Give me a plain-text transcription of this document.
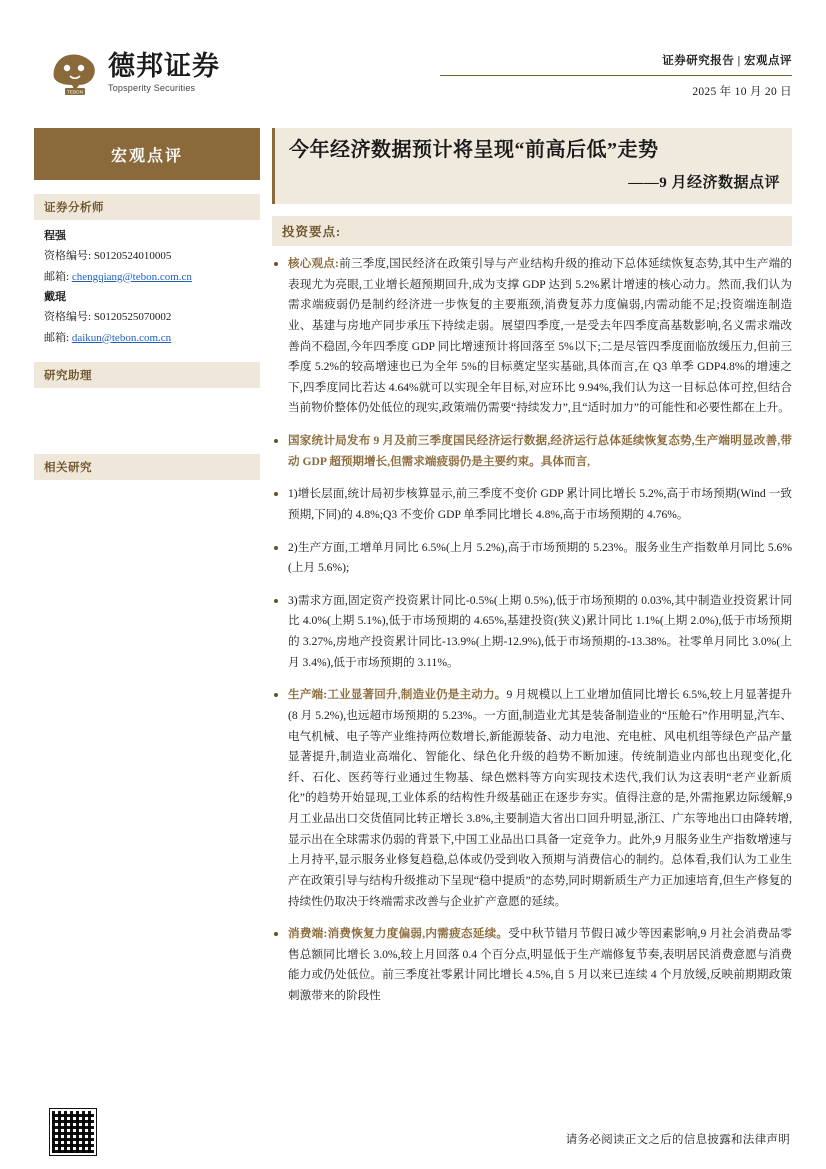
TEBON
德邦证券
Topsperity Securities
证券研究报告 | 宏观点评
2025 年 10 月 20 日
宏观点评
证券分析师
程强
资格编号: S0120524010005
邮箱: chengqiang@tebon.com.cn
戴琨
资格编号: S0120525070002
邮箱: daikun@tebon.com.cn
研究助理
相关研究
今年经济数据预计将呈现“前高后低”走势
——9 月经济数据点评
投资要点:
核心观点:前三季度,国民经济在政策引导与产业结构升级的推动下总体延续恢复态势,其中生产端的表现尤为亮眼,工业增长超预期回升,成为支撑 GDP 达到 5.2%累计增速的核心动力。然而,我们认为需求端疲弱仍是制约经济进一步恢复的主要瓶颈,消费复苏力度偏弱,内需动能不足;投资端连制造业、基建与房地产同步承压下持续走弱。展望四季度,一是受去年四季度高基数影响,名义需求端改善尚不稳固,今年四季度 GDP 同比增速预计将回落至 5%以下;二是尽管四季度面临放缓压力,但前三季度 5.2%的较高增速也已为全年 5%的目标奠定坚实基础,具体而言,在 Q3 单季 GDP4.8%的增速之下,四季度同比若达 4.64%就可以实现全年目标,对应环比 9.94%,我们认为这一目标总体可控,但结合当前物价整体仍处低位的现实,政策端仍需要“持续发力”,且“适时加力”的可能性和必要性都在上升。
国家统计局发布 9 月及前三季度国民经济运行数据,经济运行总体延续恢复态势,生产端明显改善,带动 GDP 超预期增长,但需求端疲弱仍是主要约束。具体而言,
1)增长层面,统计局初步核算显示,前三季度不变价 GDP 累计同比增长 5.2%,高于市场预期(Wind 一致预期,下同)的 4.8%;Q3 不变价 GDP 单季同比增长 4.8%,高于市场预期的 4.76%。
2)生产方面,工增单月同比 6.5%(上月 5.2%),高于市场预期的 5.23%。服务业生产指数单月同比 5.6%(上月 5.6%);
3)需求方面,固定资产投资累计同比-0.5%(上期 0.5%),低于市场预期的 0.03%,其中制造业投资累计同比 4.0%(上期 5.1%),低于市场预期的 4.65%,基建投资(狭义)累计同比 1.1%(上期 2.0%),低于市场预期的 3.27%,房地产投资累计同比-13.9%(上期-12.9%),低于市场预期的-13.38%。社零单月同比 3.0%(上月 3.4%),低于市场预期的 3.11%。
生产端:工业显著回升,制造业仍是主动力。9 月规模以上工业增加值同比增长 6.5%,较上月显著提升(8 月 5.2%),也远超市场预期的 5.23%。一方面,制造业尤其是装备制造业的“压舱石”作用明显,汽车、电气机械、电子等产业维持两位数增长,新能源装备、动力电池、充电桩、风电机组等绿色产品产量显著提升,制造业高端化、智能化、绿色化升级的趋势不断加速。传统制造业内部也出现变化,化纤、石化、医药等行业通过生物基、绿色燃料等方向实现技术迭代,我们认为这表明“老产业新质化”的趋势开始显现,工业体系的结构性升级基础正在逐步夯实。值得注意的是,外需拖累边际缓解,9 月工业品出口交货值同比转正增长 3.8%,主要制造大省出口回升明显,浙江、广东等地出口由降转增,显示出在全球需求仍弱的背景下,中国工业品出口具备一定竞争力。此外,9 月服务业生产指数增速与上月持平,显示服务业修复趋稳,总体或仍受到收入预期与消费信心的制约。总体看,我们认为工业生产在政策引导与结构升级推动下呈现“稳中提质”的态势,同时期新质生产力正加速培育,但生产修复的持续性仍取决于终端需求改善与企业扩产意愿的延续。
消费端:消费恢复力度偏弱,内需疲态延续。受中秋节错月节假日减少等因素影响,9 月社会消费品零售总额同比增长 3.0%,较上月回落 0.4 个百分点,明显低于生产端修复节奏,表明居民消费意愿与消费能力或仍处低位。前三季度社零累计同比增长 4.5%,自 5 月以来已连续 4 个月放缓,反映前期期政策刺激带来的阶段性
请务必阅读正文之后的信息披露和法律声明
